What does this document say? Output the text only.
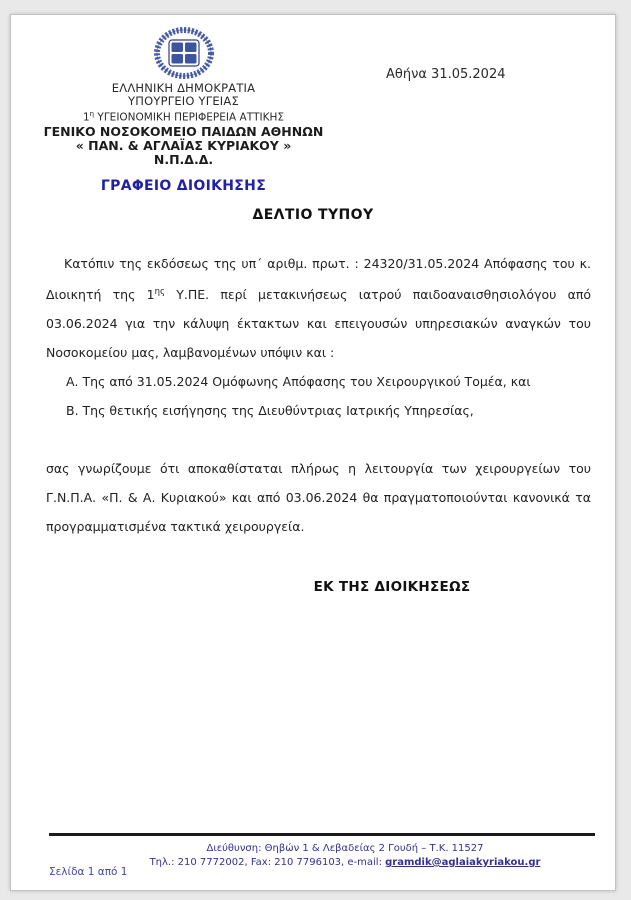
ΕΛΛΗΝΙΚΗ ΔΗΜΟΚΡΑΤΙΑ
ΥΠΟΥΡΓΕΙΟ ΥΓΕΙΑΣ
$1^\eta$ ΥΓΕΙΟΝΟΜΙΚΗ ΠΕΡΙΦΕΡΕΙΑ ΑΤΤΙΚΗΣ
ΓΕΝΙΚΟ ΝΟΣΟΚΟΜΕΙΟ ΠΑΙΔΩΝ ΑΘΗΝΩΝ
« ΠΑΝ. & ΑΓΛΑΪΑΣ ΚΥΡΙΑΚΟΥ »
Ν.Π.Δ.Δ.
ΓΡΑΦΕΙΟ ΔΙΟΙΚΗΣΗΣ
Αθήνα 31.05.2024
ΔΕΛΤΙΟ ΤΥΠΟΥ

Κατόπιν της εκδόσεως της υπ΄ αριθμ. πρωτ. : 24320/31.05.2024 Απόφασης του κ. Διοικητή της $1^{\eta\varsigma}$ Υ.ΠΕ. περί μετακινήσεως ιατρού παιδοαναισθησιολόγου από 03.06.2024 για την κάλυψη έκτακτων και επειγουσών υπηρεσιακών αναγκών του Νοσοκομείου μας, λαμβανομένων υπόψιν και :

Α. Της από 31.05.2024 Ομόφωνης Απόφασης του Χειρουργικού Τομέα, και
Β. Της θετικής εισήγησης της Διευθύντριας Ιατρικής Υπηρεσίας,

σας γνωρίζουμε ότι αποκαθίσταται πλήρως η λειτουργία των χειρουργείων του Γ.Ν.Π.Α. «Π. & Α. Κυριακού» και από 03.06.2024 θα πραγματοποιούνται κανονικά τα προγραμματισμένα τακτικά χειρουργεία.

ΕΚ ΤΗΣ ΔΙΟΙΚΗΣΕΩΣ
Διεύθυνση: Θηβών 1 & Λεβαδείας 2 Γουδή – Τ.Κ. 11527
Τηλ.: 210 7772002, Fax: 210 7796103, e-mail: gramdik@aglaiakyriakou.gr
Σελίδα 1 από 1
